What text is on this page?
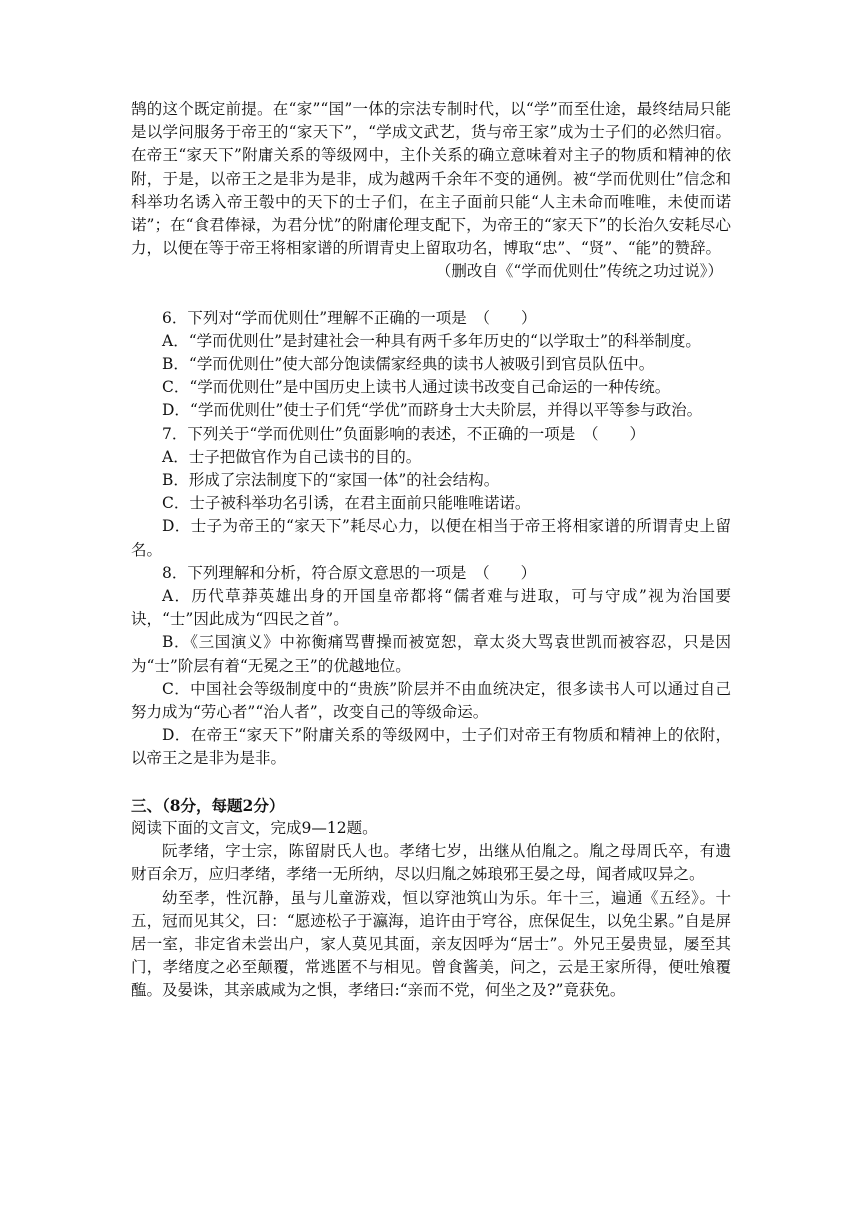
鹄的这个既定前提。在“家”“国”一体的宗法专制时代，以“学”而至仕途，最终结局只能是以学问服务于帝王的“家天下”，“学成文武艺，货与帝王家”成为士子们的必然归宿。在帝王“家天下”附庸关系的等级网中，主仆关系的确立意味着对主子的物质和精神的依附，于是，以帝王之是非为是非，成为越两千余年不变的通例。被“学而优则仕”信念和科举功名诱入帝王彀中的天下的士子们，在主子面前只能“人主未命而唯唯，未使而诺诺”；在“食君俸禄，为君分忧”的附庸伦理支配下，为帝王的“家天下”的长治久安耗尽心力，以便在等于帝王将相家谱的所谓青史上留取功名，博取“忠”、“贤”、“能”的赞辞。

（删改自《“学而优则仕”传统之功过说》）

6．下列对“学而优则仕”理解不正确的一项是　（　　）

A．“学而优则仕”是封建社会一种具有两千多年历史的“以学取士”的科举制度。

B．“学而优则仕”使大部分饱读儒家经典的读书人被吸引到官员队伍中。

C．“学而优则仕”是中国历史上读书人通过读书改变自己命运的一种传统。

D．“学而优则仕”使士子们凭“学优”而跻身士大夫阶层，并得以平等参与政治。

7．下列关于“学而优则仕”负面影响的表述，不正确的一项是　（　　）

A．士子把做官作为自己读书的目的。

B．形成了宗法制度下的“家国一体”的社会结构。

C．士子被科举功名引诱，在君主面前只能唯唯诺诺。

D．士子为帝王的“家天下”耗尽心力，以便在相当于帝王将相家谱的所谓青史上留名。

8．下列理解和分析，符合原文意思的一项是　（　　）

A．历代草莽英雄出身的开国皇帝都将“儒者难与进取，可与守成”视为治国要诀，“士”因此成为“四民之首”。

B．《三国演义》中祢衡痛骂曹操而被宽恕，章太炎大骂袁世凯而被容忍，只是因为“士”阶层有着“无冕之王”的优越地位。

C．中国社会等级制度中的“贵族”阶层并不由血统决定，很多读书人可以通过自己努力成为“劳心者”“治人者”，改变自己的等级命运。

D．在帝王“家天下”附庸关系的等级网中，士子们对帝王有物质和精神上的依附，以帝王之是非为是非。

三、（8分，每题2分）

阅读下面的文言文，完成9—12题。

阮孝绪，字士宗，陈留尉氏人也。孝绪七岁，出继从伯胤之。胤之母周氏卒，有遗财百余万，应归孝绪，孝绪一无所纳，尽以归胤之姊琅邪王晏之母，闻者咸叹异之。

幼至孝，性沉静，虽与儿童游戏，恒以穿池筑山为乐。年十三，遍通《五经》。十五，冠而见其父，曰：“愿迹松子于瀛海，追许由于穹谷，庶保促生，以免尘累。”自是屏居一室，非定省未尝出户，家人莫见其面，亲友因呼为“居士”。外兄王晏贵显，屡至其门，孝绪度之必至颠覆，常逃匿不与相见。曾食酱美，问之，云是王家所得，便吐飧覆醢。及晏诛，其亲戚咸为之惧，孝绪曰:“亲而不党，何坐之及?”竟获免。
